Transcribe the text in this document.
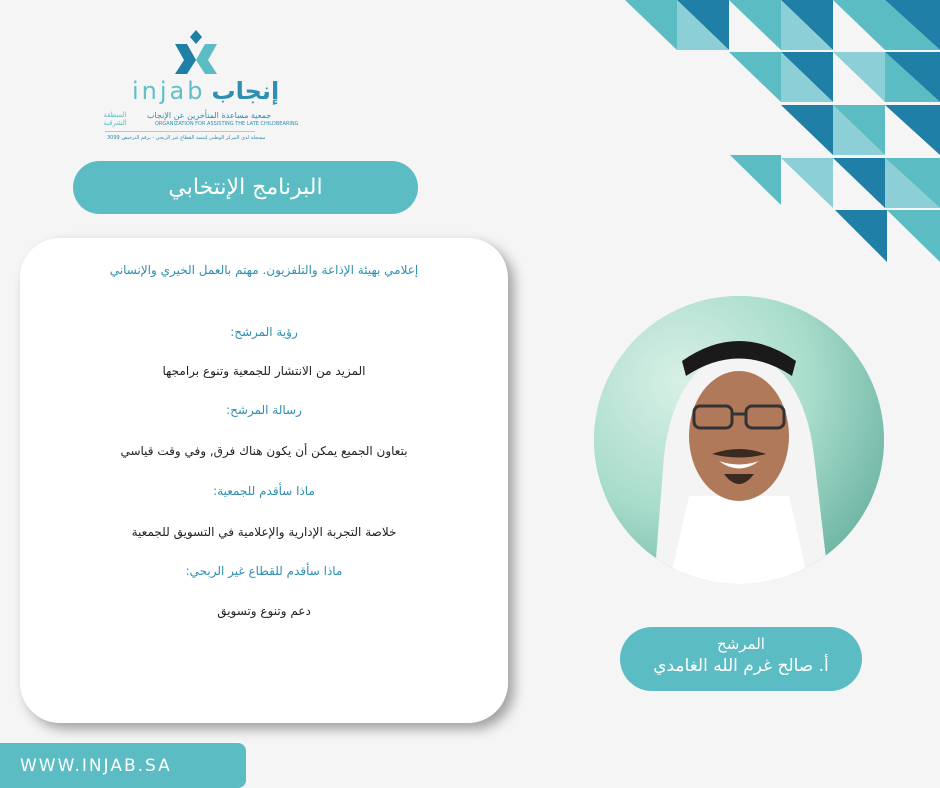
injab إنجاب
المنطقة الشرقية
جمعية مساعدة المتأخرين عن الإنجاب
ORGANIZATION FOR ASSISTING THE LATE CHILDBEARING
مسجلة لدى المركز الوطني لتنمية القطاع غير الربحي - برقم الترخيص 3099
البرنامج الإنتخابي
إعلامي بهيئة الإذاعة والتلفزيون. مهتم بالعمل الخيري والإنساني
رؤية المرشح:
المزيد من الانتشار للجمعية وتنوع برامجها
رسالة المرشح:
بتعاون الجميع يمكن أن يكون هناك فرق, وفي وقت قياسي
ماذا سأقدم للجمعية:
خلاصة التجربة الإدارية والإعلامية في التسويق للجمعية
ماذا سأقدم للقطاع غير الربحي:
دعم وتنوع وتسويق
المرشح
أ. صالح غرم الله الغامدي
WWW.INJAB.SA
